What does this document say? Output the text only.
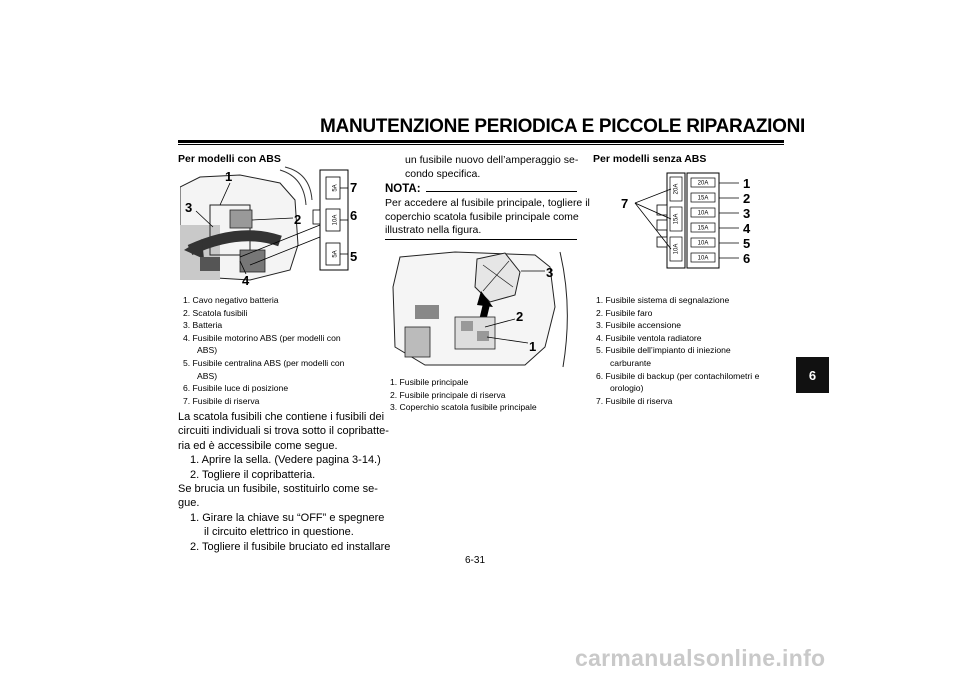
MANUTENZIONE PERIODICA E PICCOLE RIPARAZIONI
Per modelli con ABS
5A
10A
5A
1
2
3
4
5
6
7
1. Cavo negativo batteria
2. Scatola fusibili
3. Batteria
4. Fusibile motorino ABS (per modelli con
ABS)
5. Fusibile centralina ABS (per modelli con
ABS)
6. Fusibile luce di posizione
7. Fusibile di riserva
La scatola fusibili che contiene i fusibili dei
circuiti individuali si trova sotto il copribatte-
ria ed è accessibile come segue.
1. Aprire la sella. (Vedere pagina 3-14.)
2. Togliere il copribatteria.
Se brucia un fusibile, sostituirlo come se-
gue.
1. Girare la chiave su “OFF” e spegnere
il circuito elettrico in questione.
2. Togliere il fusibile bruciato ed installare
un fusibile nuovo dell’amperaggio se-
condo specifica.
NOTA:
Per accedere al fusibile principale, togliere il
coperchio scatola fusibile principale come
illustrato nella figura.
1
2
3
1. Fusibile principale
2. Fusibile principale di riserva
3. Coperchio scatola fusibile principale
Per modelli senza ABS
20A
15A
10A
20A
15A
10A
15A
10A
10A
1
2
3
4
5
6
7
1. Fusibile sistema di segnalazione
2. Fusibile faro
3. Fusibile accensione
4. Fusibile ventola radiatore
5. Fusibile dell’impianto di iniezione
carburante
6. Fusibile di backup (per contachilometri e
orologio)
7. Fusibile di riserva
6-31
6
carmanualsonline.info
